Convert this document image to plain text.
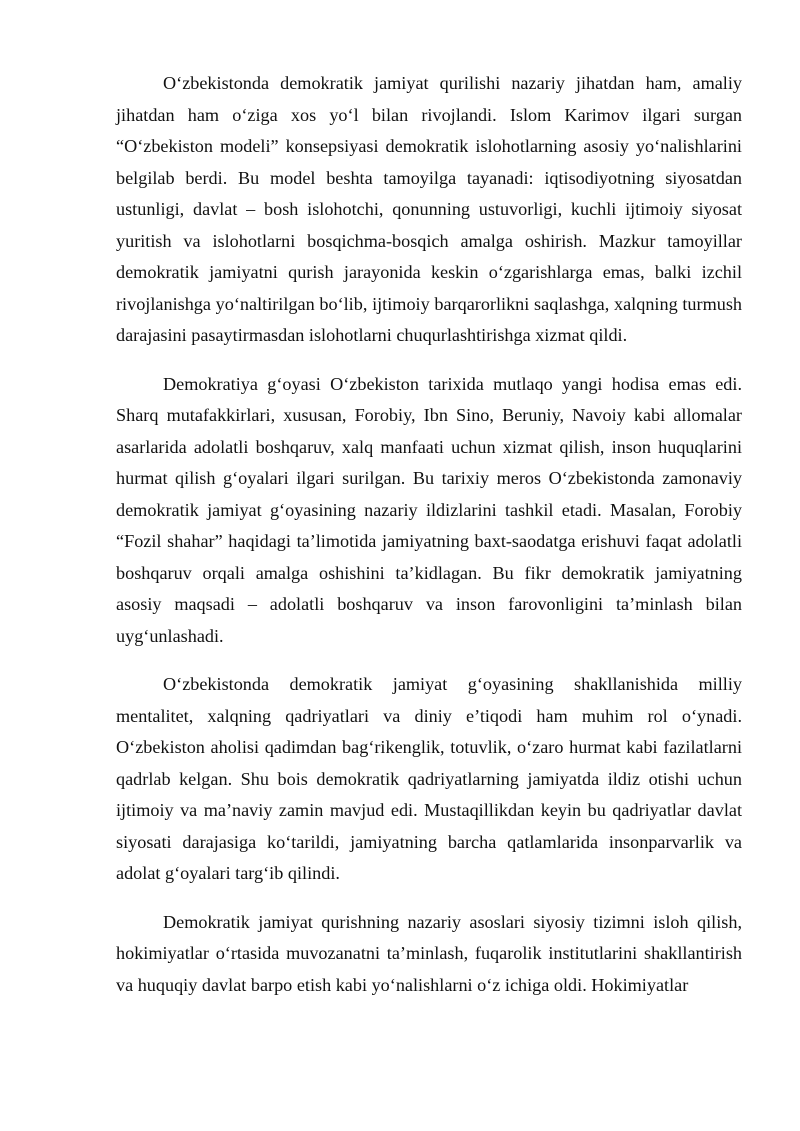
O‘zbekistonda demokratik jamiyat qurilishi nazariy jihatdan ham, amaliy jihatdan ham o‘ziga xos yo‘l bilan rivojlandi. Islom Karimov ilgari surgan “O‘zbekiston modeli” konsepsiyasi demokratik islohotlarning asosiy yo‘nalishlarini belgilab berdi. Bu model beshta tamoyilga tayanadi: iqtisodiyotning siyosatdan ustunligi, davlat – bosh islohotchi, qonunning ustuvorligi, kuchli ijtimoiy siyosat yuritish va islohotlarni bosqichma-bosqich amalga oshirish. Mazkur tamoyillar demokratik jamiyatni qurish jarayonida keskin o‘zgarishlarga emas, balki izchil rivojlanishga yo‘naltirilgan bo‘lib, ijtimoiy barqarorlikni saqlashga, xalqning turmush darajasini pasaytirmasdan islohotlarni chuqurlashtirishga xizmat qildi.

Demokratiya g‘oyasi O‘zbekiston tarixida mutlaqo yangi hodisa emas edi. Sharq mutafakkirlari, xususan, Forobiy, Ibn Sino, Beruniy, Navoiy kabi allomalar asarlarida adolatli boshqaruv, xalq manfaati uchun xizmat qilish, inson huquqlarini hurmat qilish g‘oyalari ilgari surilgan. Bu tarixiy meros O‘zbekistonda zamonaviy demokratik jamiyat g‘oyasining nazariy ildizlarini tashkil etadi. Masalan, Forobiy “Fozil shahar” haqidagi ta’limotida jamiyatning baxt-saodatga erishuvi faqat adolatli boshqaruv orqali amalga oshishini ta’kidlagan. Bu fikr demokratik jamiyatning asosiy maqsadi – adolatli boshqaruv va inson farovonligini ta’minlash bilan uyg‘unlashadi.

O‘zbekistonda demokratik jamiyat g‘oyasining shakllanishida milliy mentalitet, xalqning qadriyatlari va diniy e’tiqodi ham muhim rol o‘ynadi. O‘zbekiston aholisi qadimdan bag‘rikenglik, totuvlik, o‘zaro hurmat kabi fazilatlarni qadrlab kelgan. Shu bois demokratik qadriyatlarning jamiyatda ildiz otishi uchun ijtimoiy va ma’naviy zamin mavjud edi. Mustaqillikdan keyin bu qadriyatlar davlat siyosati darajasiga ko‘tarildi, jamiyatning barcha qatlamlarida insonparvarlik va adolat g‘oyalari targ‘ib qilindi.

Demokratik jamiyat qurishning nazariy asoslari siyosiy tizimni isloh qilish, hokimiyatlar o‘rtasida muvozanatni ta’minlash, fuqarolik institutlarini shakllantirish va huquqiy davlat barpo etish kabi yo‘nalishlarni o‘z ichiga oldi. Hokimiyatlar
